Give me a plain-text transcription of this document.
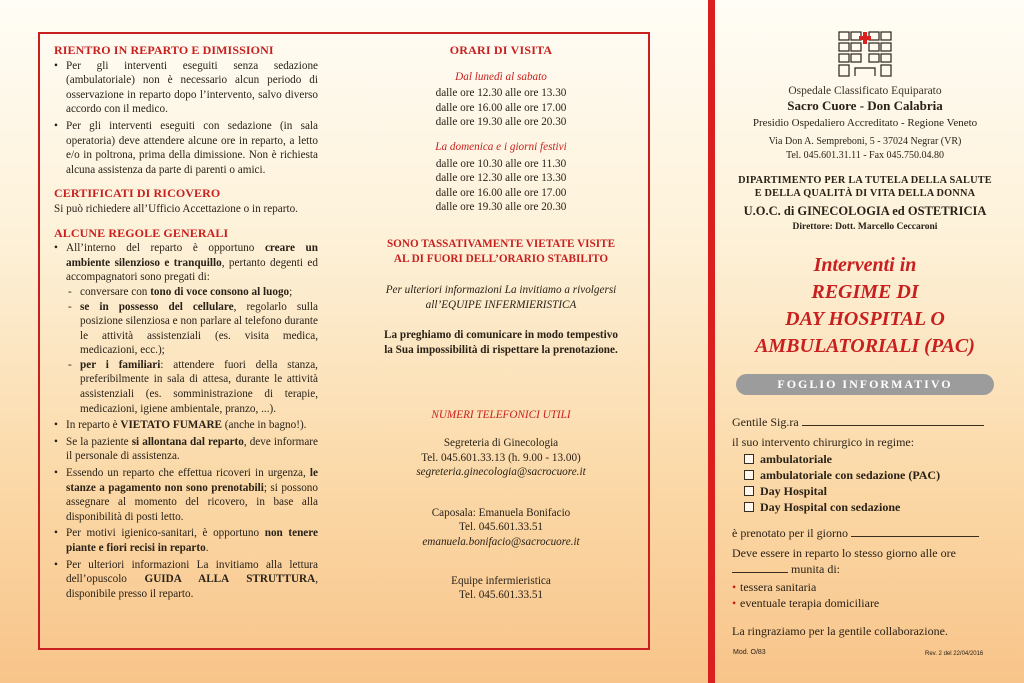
RIENTRO IN REPARTO E DIMISSIONI
• Per gli interventi eseguiti senza sedazione (ambulatoriale) non è necessario alcun periodo di osservazione in reparto dopo l’intervento, salvo diverso accordo con il medico.
• Per gli interventi eseguiti con sedazione (in sala operatoria) deve attendere alcune ore in reparto, a letto e/o in poltrona, prima della dimissione. Non è richiesta alcuna assistenza da parte di parenti o amici.
CERTIFICATI DI RICOVERO
Si può richiedere all’Ufficio Accettazione o in reparto.
ALCUNE REGOLE GENERALI
• All’interno del reparto è opportuno creare un ambiente silenzioso e tranquillo, pertanto degenti ed accompagnatori sono pregati di:
- conversare con tono di voce consono al luogo;
- se in possesso del cellulare, regolarlo sulla posizione silenziosa e non parlare al telefono durante le attività assistenziali (es. visita medica, medicazioni, ecc.);
- per i familiari: attendere fuori della stanza, preferibilmente in sala di attesa, durante le attività assistenziali (es. somministrazione di terapie, medicazioni, igiene ambientale, pranzo, ...).
• In reparto è VIETATO FUMARE (anche in bagno!).
• Se la paziente si allontana dal reparto, deve informare il personale di assistenza.
• Essendo un reparto che effettua ricoveri in urgenza, le stanze a pagamento non sono prenotabili; si possono assegnare al momento del ricovero, in base alla disponibilità di posti letto.
• Per motivi igienico-sanitari, è opportuno non tenere piante e fiori recisi in reparto.
• Per ulteriori informazioni La invitiamo alla lettura dell’opuscolo GUIDA ALLA STRUTTURA, disponibile presso il reparto.
ORARI DI VISITA
Dal lunedì al sabato
dalle ore 12.30 alle ore 13.30
dalle ore 16.00 alle ore 17.00
dalle ore 19.30 alle ore 20.30
La domenica e i giorni festivi
dalle ore 10.30 alle ore 11.30
dalle ore 12.30 alle ore 13.30
dalle ore 16.00 alle ore 17.00
dalle ore 19.30 alle ore 20.30
SONO TASSATIVAMENTE VIETATE VISITE
AL DI FUORI DELL’ORARIO STABILITO
Per ulteriori informazioni La invitiamo a rivolgersi
all’EQUIPE INFERMIERISTICA
La preghiamo di comunicare in modo tempestivo
la Sua impossibilità di rispettare la prenotazione.
NUMERI TELEFONICI UTILI
Segreteria di Ginecologia
Tel. 045.601.33.13 (h. 9.00 - 13.00)
segreteria.ginecologia@sacrocuore.it
Caposala: Emanuela Bonifacio
Tel. 045.601.33.51
emanuela.bonifacio@sacrocuore.it
Equipe infermieristica
Tel. 045.601.33.51
Ospedale Classificato Equiparato
Sacro Cuore - Don Calabria
Presidio Ospedaliero Accreditato - Regione Veneto
Via Don A. Sempreboni, 5 - 37024 Negrar (VR)
Tel. 045.601.31.11 - Fax 045.750.04.80
DIPARTIMENTO PER LA TUTELA DELLA SALUTE
E DELLA QUALITÀ DI VITA DELLA DONNA
U.O.C. di GINECOLOGIA ed OSTETRICIA
Direttore: Dott. Marcello Ceccaroni
Interventi in
REGIME DI
DAY HOSPITAL O
AMBULATORIALI (PAC)
FOGLIO INFORMATIVO
Gentile Sig.ra
il suo intervento chirurgico in regime:
ambulatoriale
ambulatoriale con sedazione (PAC)
Day Hospital
Day Hospital con sedazione
è prenotato per il giorno
Deve essere in reparto lo stesso giorno alle ore
munita di:
• tessera sanitaria
• eventuale terapia domiciliare
La ringraziamo per la gentile collaborazione.
Mod. O/83	Rev. 2 del 22/04/2016
